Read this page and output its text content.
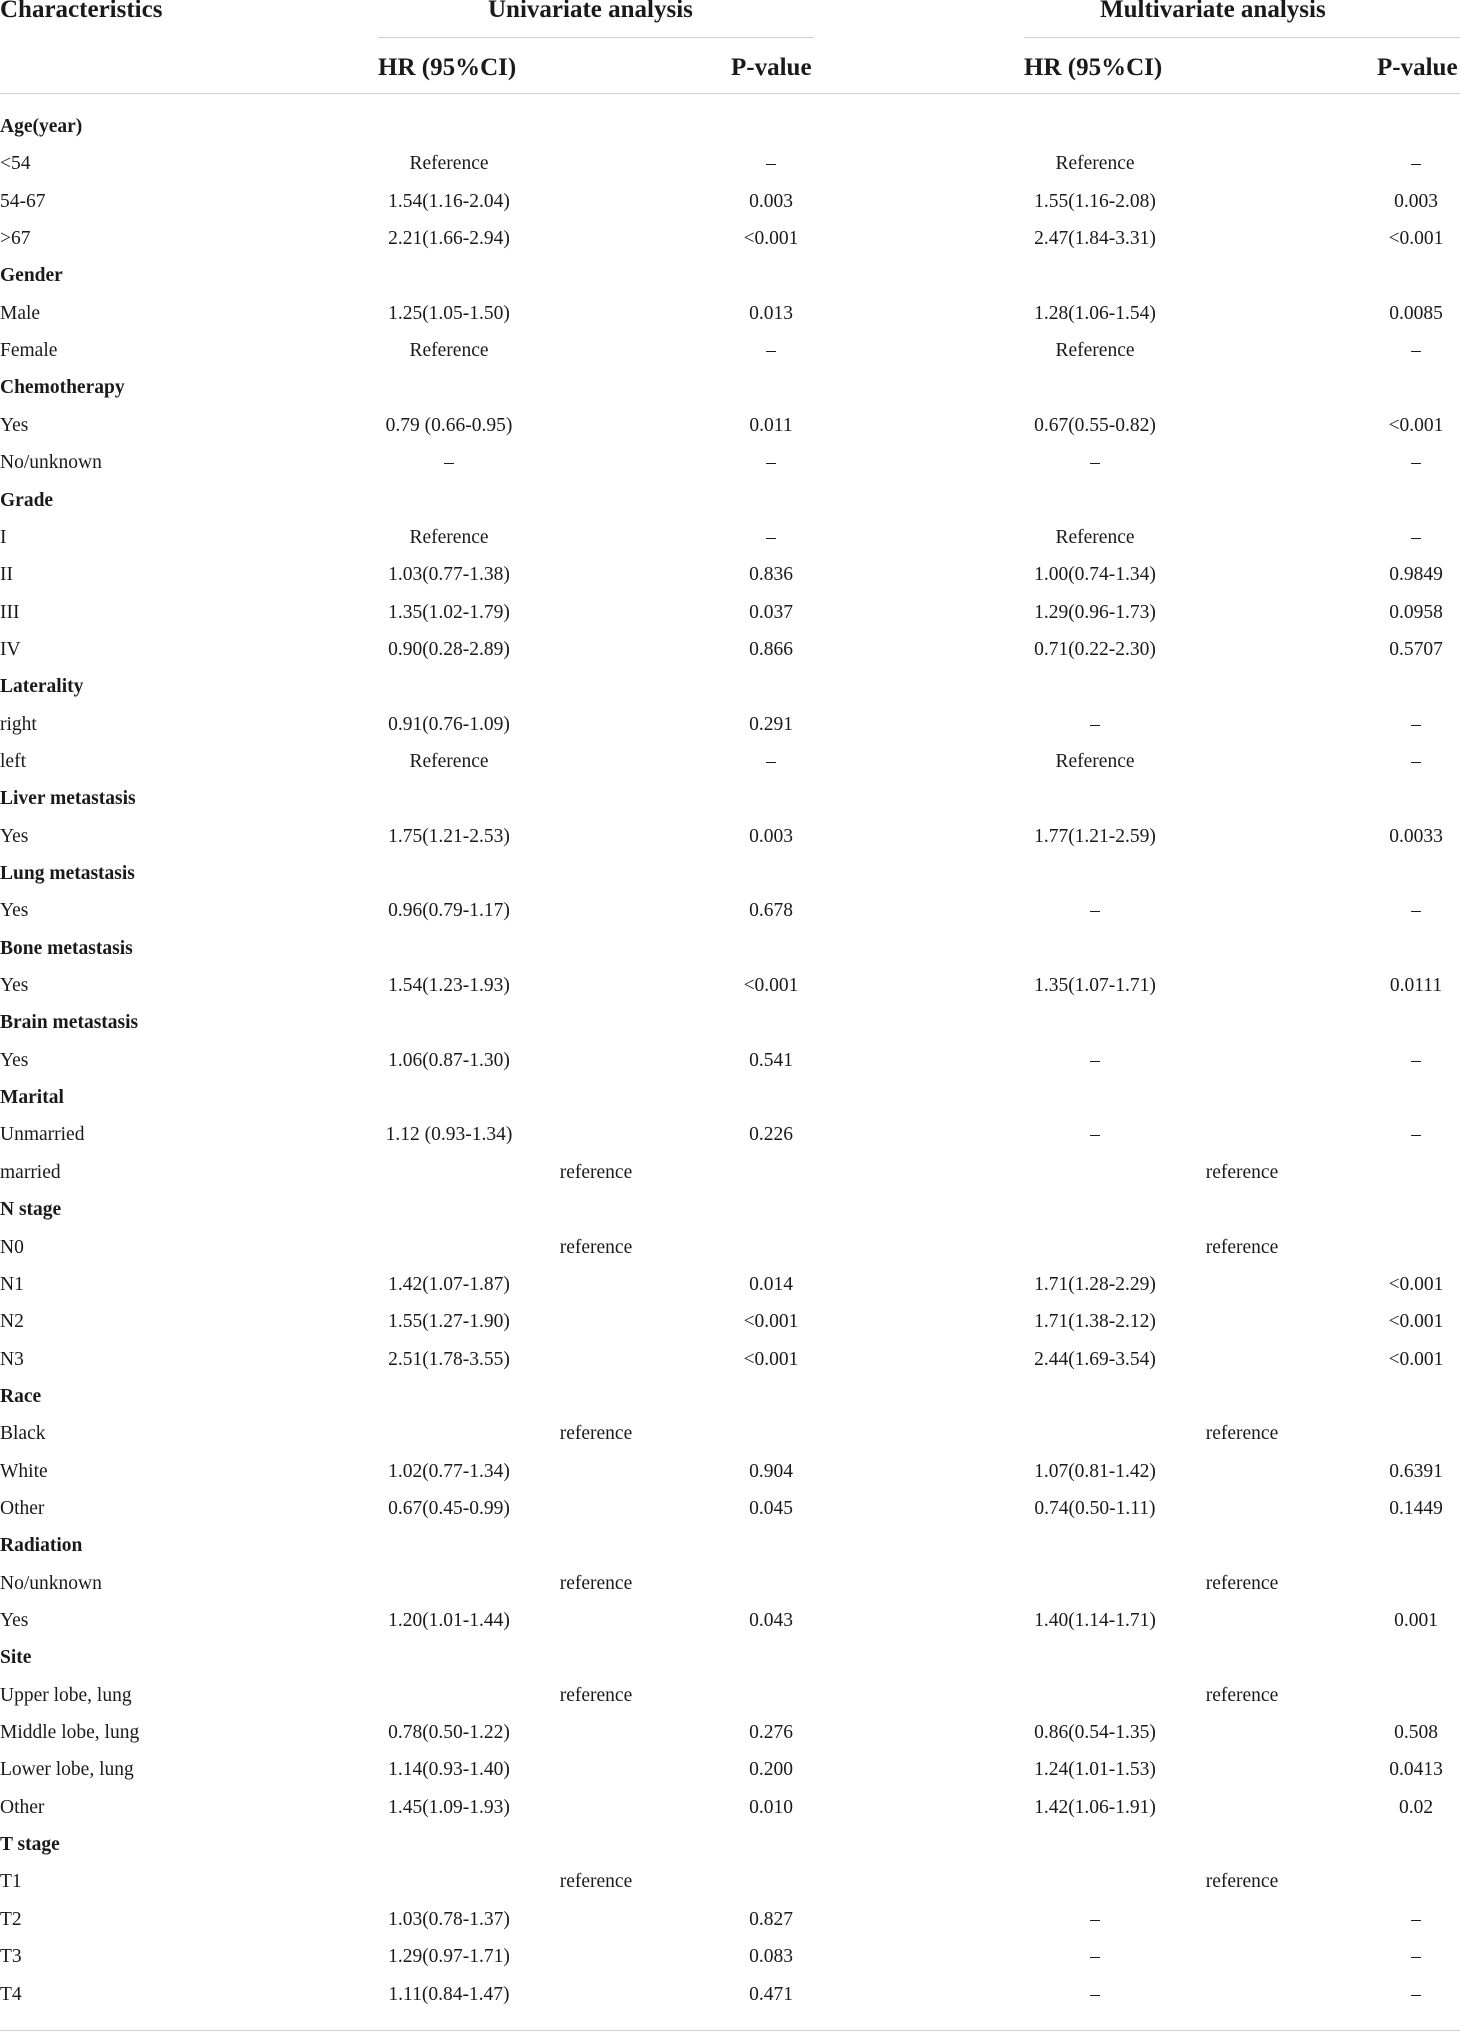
Characteristics	Univariate analysis	Multivariate analysis
HR (95%CI)	P-value	HR (95%CI)	P-value
Age(year)
<54	Reference	–	Reference	–
54-67	1.54(1.16-2.04)	0.003	1.55(1.16-2.08)	0.003
>67	2.21(1.66-2.94)	<0.001	2.47(1.84-3.31)	<0.001
Gender
Male	1.25(1.05-1.50)	0.013	1.28(1.06-1.54)	0.0085
Female	Reference	–	Reference	–
Chemotherapy
Yes	0.79 (0.66-0.95)	0.011	0.67(0.55-0.82)	<0.001
No/unknown	–	–	–	–
Grade
I	Reference	–	Reference	–
II	1.03(0.77-1.38)	0.836	1.00(0.74-1.34)	0.9849
III	1.35(1.02-1.79)	0.037	1.29(0.96-1.73)	0.0958
IV	0.90(0.28-2.89)	0.866	0.71(0.22-2.30)	0.5707
Laterality
right	0.91(0.76-1.09)	0.291	–	–
left	Reference	–	Reference	–
Liver metastasis
Yes	1.75(1.21-2.53)	0.003	1.77(1.21-2.59)	0.0033
Lung metastasis
Yes	0.96(0.79-1.17)	0.678	–	–
Bone metastasis
Yes	1.54(1.23-1.93)	<0.001	1.35(1.07-1.71)	0.0111
Brain metastasis
Yes	1.06(0.87-1.30)	0.541	–	–
Marital
Unmarried	1.12 (0.93-1.34)	0.226	–	–
married	reference	reference
N stage
N0	reference	reference
N1	1.42(1.07-1.87)	0.014	1.71(1.28-2.29)	<0.001
N2	1.55(1.27-1.90)	<0.001	1.71(1.38-2.12)	<0.001
N3	2.51(1.78-3.55)	<0.001	2.44(1.69-3.54)	<0.001
Race
Black	reference	reference
White	1.02(0.77-1.34)	0.904	1.07(0.81-1.42)	0.6391
Other	0.67(0.45-0.99)	0.045	0.74(0.50-1.11)	0.1449
Radiation
No/unknown	reference	reference
Yes	1.20(1.01-1.44)	0.043	1.40(1.14-1.71)	0.001
Site
Upper lobe, lung	reference	reference
Middle lobe, lung	0.78(0.50-1.22)	0.276	0.86(0.54-1.35)	0.508
Lower lobe, lung	1.14(0.93-1.40)	0.200	1.24(1.01-1.53)	0.0413
Other	1.45(1.09-1.93)	0.010	1.42(1.06-1.91)	0.02
T stage
T1	reference	reference
T2	1.03(0.78-1.37)	0.827	–	–
T3	1.29(0.97-1.71)	0.083	–	–
T4	1.11(0.84-1.47)	0.471	–	–
